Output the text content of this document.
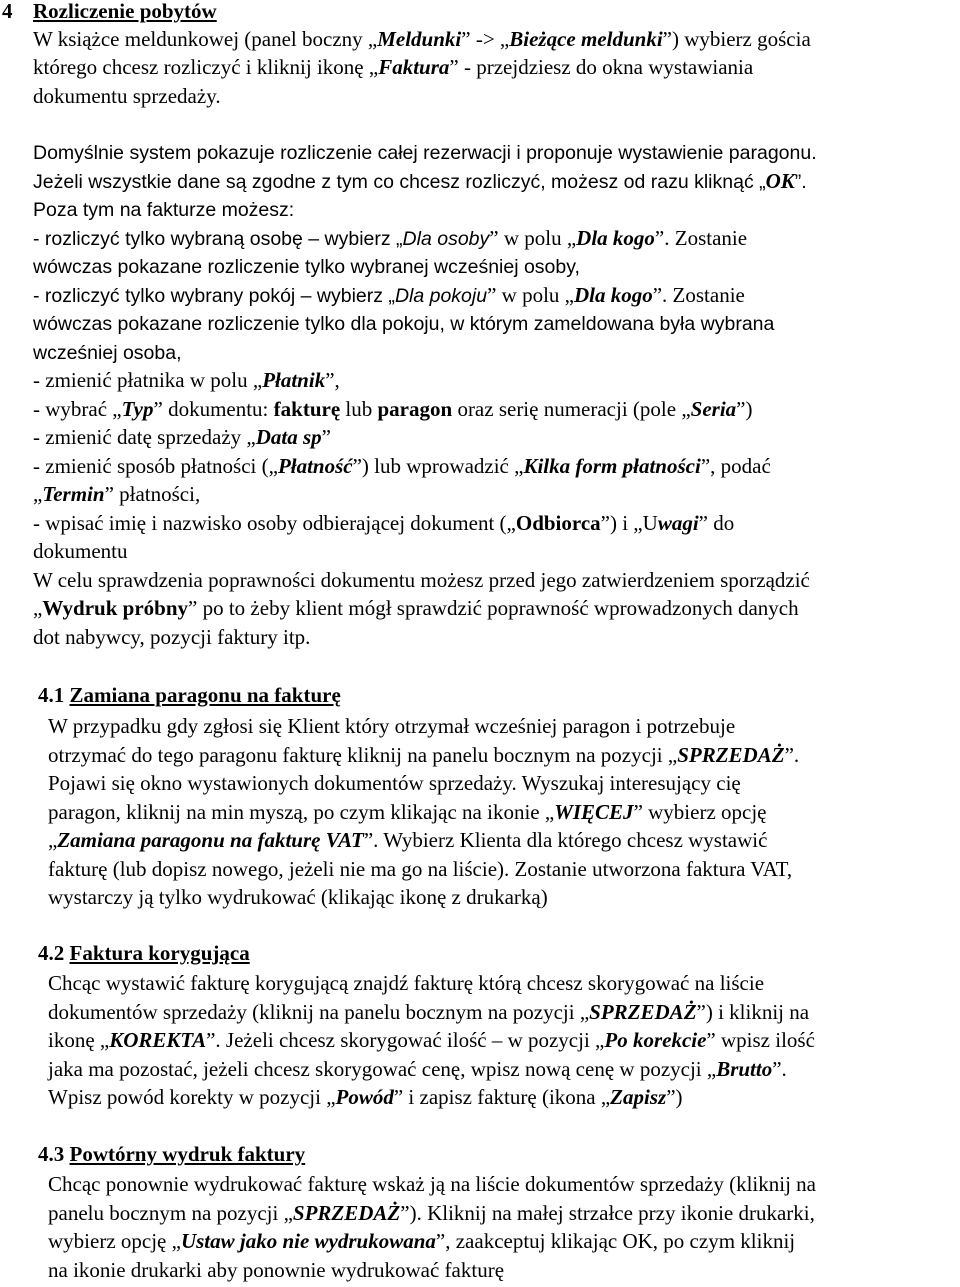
4 Rozliczenie pobytów
W książce meldunkowej (panel boczny „Meldunki” -> „Bieżące meldunki”) wybierz gościa
którego chcesz rozliczyć i kliknij ikonę „Faktura” - przejdziesz do okna wystawiania
dokumentu sprzedaży.
Domyślnie system pokazuje rozliczenie całej rezerwacji i proponuje wystawienie paragonu.
Jeżeli wszystkie dane są zgodne z tym co chcesz rozliczyć, możesz od razu kliknąć „OK”.
Poza tym na fakturze możesz:
- rozliczyć tylko wybraną osobę – wybierz „Dla osoby” w polu „Dla kogo”. Zostanie
wówczas pokazane rozliczenie tylko wybranej wcześniej osoby,
- rozliczyć tylko wybrany pokój – wybierz „Dla pokoju” w polu „Dla kogo”. Zostanie
wówczas pokazane rozliczenie tylko dla pokoju, w którym zameldowana była wybrana
wcześniej osoba,
- zmienić płatnika w polu „Płatnik”,
- wybrać „Typ” dokumentu: fakturę lub paragon oraz serię numeracji (pole „Seria”)
- zmienić datę sprzedaży „Data sp”
- zmienić sposób płatności („Płatność”) lub wprowadzić „Kilka form płatności”, podać
„Termin” płatności,
- wpisać imię i nazwisko osoby odbierającej dokument („Odbiorca”) i „Uwagi” do
dokumentu
W celu sprawdzenia poprawności dokumentu możesz przed jego zatwierdzeniem sporządzić
„Wydruk próbny” po to żeby klient mógł sprawdzić poprawność wprowadzonych danych
dot nabywcy, pozycji faktury itp.
4.1 Zamiana paragonu na fakturę
W przypadku gdy zgłosi się Klient który otrzymał wcześniej paragon i potrzebuje
otrzymać do tego paragonu fakturę kliknij na panelu bocznym na pozycji „SPRZEDAŻ”.
Pojawi się okno wystawionych dokumentów sprzedaży. Wyszukaj interesujący cię
paragon, kliknij na min myszą, po czym klikając na ikonie „WIĘCEJ” wybierz opcję
„Zamiana paragonu na fakturę VAT”. Wybierz Klienta dla którego chcesz wystawić
fakturę (lub dopisz nowego, jeżeli nie ma go na liście). Zostanie utworzona faktura VAT,
wystarczy ją tylko wydrukować (klikając ikonę z drukarką)
4.2 Faktura korygująca
Chcąc wystawić fakturę korygującą znajdź fakturę którą chcesz skorygować na liście
dokumentów sprzedaży (kliknij na panelu bocznym na pozycji „SPRZEDAŻ”) i kliknij na
ikonę „KOREKTA”. Jeżeli chcesz skorygować ilość – w pozycji „Po korekcie” wpisz ilość
jaka ma pozostać, jeżeli chcesz skorygować cenę, wpisz nową cenę w pozycji „Brutto”.
Wpisz powód korekty w pozycji „Powód” i zapisz fakturę (ikona „Zapisz”)
4.3 Powtórny wydruk faktury
Chcąc ponownie wydrukować fakturę wskaż ją na liście dokumentów sprzedaży (kliknij na
panelu bocznym na pozycji „SPRZEDAŻ”). Kliknij na małej strzałce przy ikonie drukarki,
wybierz opcję „Ustaw jako nie wydrukowana”, zaakceptuj klikając OK, po czym kliknij
na ikonie drukarki aby ponownie wydrukować fakturę
